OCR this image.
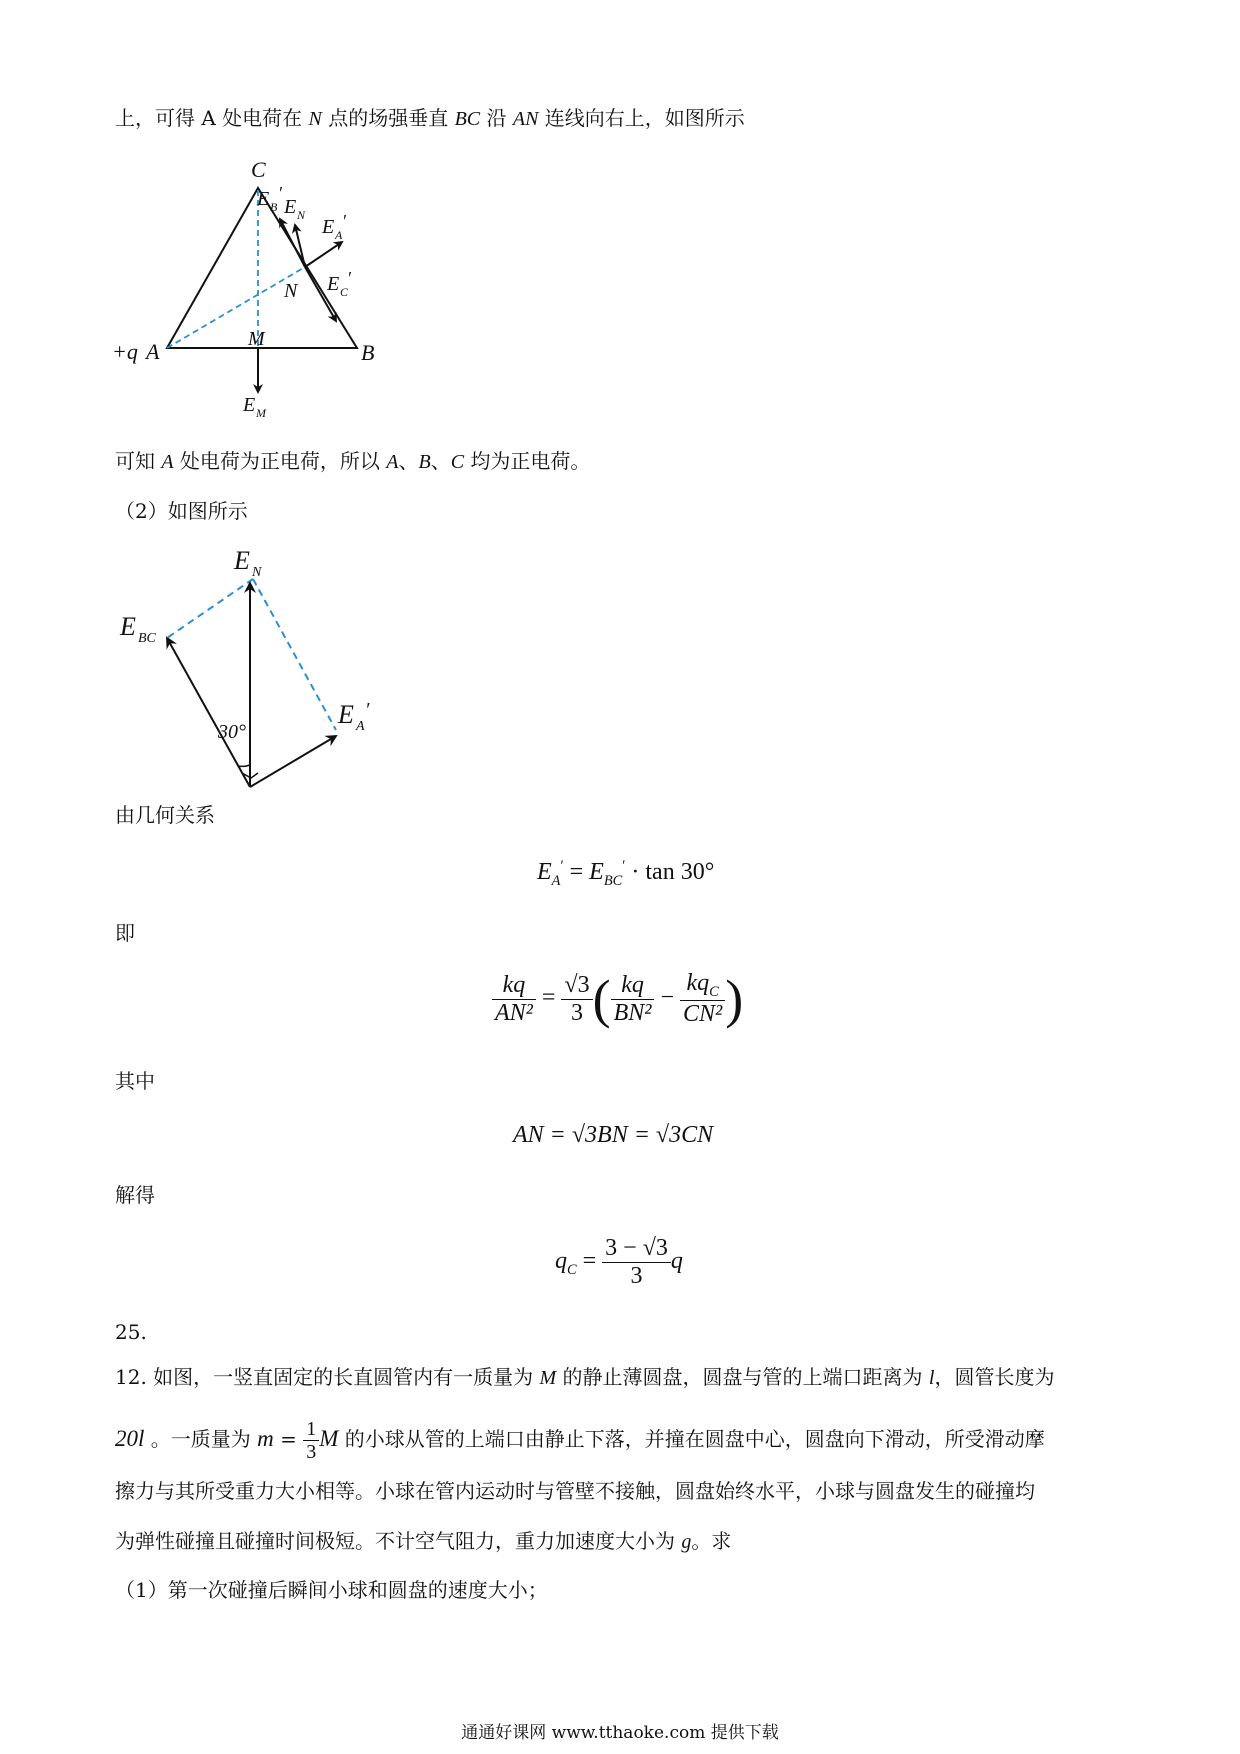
上，可得 A 处电荷在 N 点的场强垂直 BC 沿 AN 连线向右上，如图所示
C
A
+q	B
N
M
E B
′
E N
E A
′
E C
′
E M
可知 A 处电荷为正电荷，所以 A、B、C 均为正电荷。
（2）如图所示
30°
E N
E BC
E A
′
由几何关系
$E_A' = E_{BC}' \cdot \tan 30^\circ$
即
$\frac{kq}{\text{AN²}} = \frac{√3}{3}$ ( $\frac{kq}{\text{BN²}} - \frac{kq_C}{\text{CN²}}$ )
其中
AN = √3BN = √3CN
解得
$q_C = \frac{3 - √3}{3}$ q
25.
12. 如图，一竖直固定的长直圆管内有一质量为 M 的静止薄圆盘，圆盘与管的上端口距离为 l，圆管长度为
20l 。一质量为 $m = \frac{1}{3}$ M 的小球从管的上端口由静止下落，并撞在圆盘中心，圆盘向下滑动，所受滑动摩
擦力与其所受重力大小相等。小球在管内运动时与管壁不接触，圆盘始终水平，小球与圆盘发生的碰撞均
为弹性碰撞且碰撞时间极短。不计空气阻力，重力加速度大小为 g。求
（1）第一次碰撞后瞬间小球和圆盘的速度大小；
通通好课网 www.tthaoke.com 提供下载
